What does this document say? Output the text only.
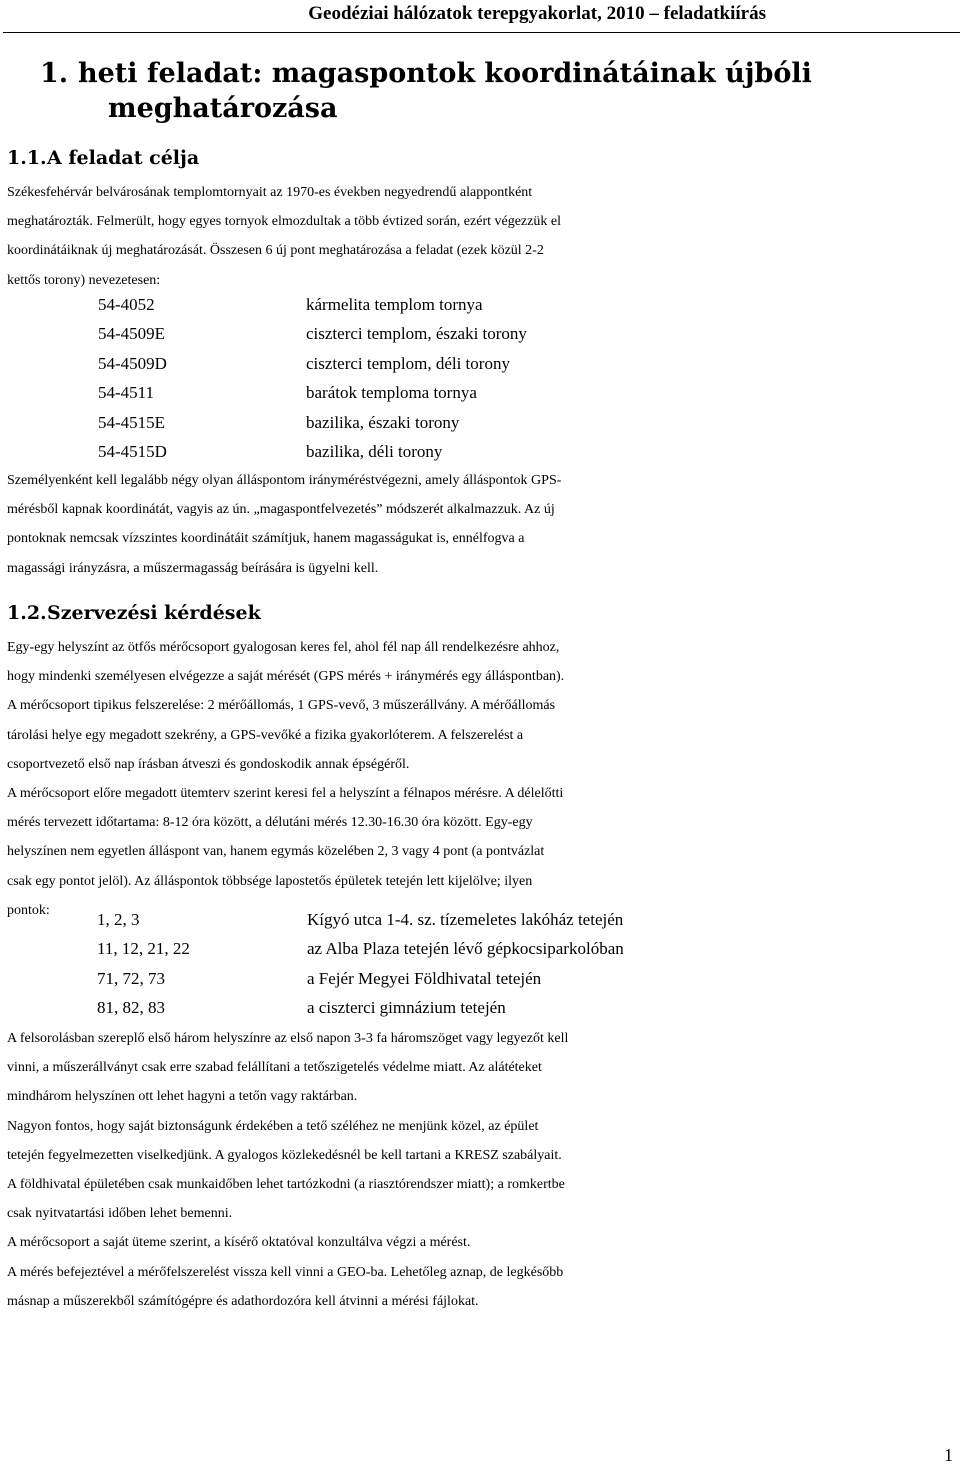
Geodéziai hálózatok terepgyakorlat, 2010 – feladatkiírás
1. heti feladat: magaspontok koordinátáinak újbóli
meghatározása
1.1.A feladat célja
Székesfehérvár belvárosának templomtornyait az 1970-es években negyedrendű alappontként
meghatározták. Felmerült, hogy egyes tornyok elmozdultak a több évtized során, ezért végezzük el
koordinátáiknak új meghatározását. Összesen 6 új pont meghatározása a feladat (ezek közül 2-2
kettős torony) nevezetesen:
54-4052	kármelita templom tornya
54-4509E	ciszterci templom, északi torony
54-4509D	ciszterci templom, déli torony
54-4511	barátok temploma tornya
54-4515E	bazilika, északi torony
54-4515D	bazilika, déli torony
Személyenként kell legalább négy olyan álláspontom irányméréstvégezni, amely álláspontok GPS-
mérésből kapnak koordinátát, vagyis az ún. „magaspontfelvezetés” módszerét alkalmazzuk. Az új
pontoknak nemcsak vízszintes koordinátáit számítjuk, hanem magasságukat is, ennélfogva a
magassági irányzásra, a műszermagasság beírására is ügyelni kell.
1.2.Szervezési kérdések
Egy-egy helyszínt az ötfős mérőcsoport gyalogosan keres fel, ahol fél nap áll rendelkezésre ahhoz,
hogy mindenki személyesen elvégezze a saját mérését (GPS mérés + iránymérés egy álláspontban).
A mérőcsoport tipikus felszerelése: 2 mérőállomás, 1 GPS-vevő, 3 műszerállvány. A mérőállomás
tárolási helye egy megadott szekrény, a GPS-vevőké a fizika gyakorlóterem. A felszerelést a
csoportvezető első nap írásban átveszi és gondoskodik annak épségéről.
A mérőcsoport előre megadott ütemterv szerint keresi fel a helyszínt a félnapos mérésre. A délelőtti
mérés tervezett időtartama: 8-12 óra között, a délutáni mérés 12.30-16.30 óra között. Egy-egy
helyszínen nem egyetlen álláspont van, hanem egymás közelében 2, 3 vagy 4 pont (a pontvázlat
csak egy pontot jelöl). Az álláspontok többsége lapostetős épületek tetején lett kijelölve; ilyen
pontok:	1, 2, 3	Kígyó utca 1-4. sz. tízemeletes lakóház tetején
11, 12, 21, 22	az Alba Plaza tetején lévő gépkocsiparkolóban
71, 72, 73	a Fejér Megyei Földhivatal tetején
81, 82, 83	a ciszterci gimnázium tetején
A felsorolásban szereplő első három helyszínre az első napon 3-3 fa háromszöget vagy legyezőt kell
vinni, a műszerállványt csak erre szabad felállítani a tetőszigetelés védelme miatt. Az alátéteket
mindhárom helyszínen ott lehet hagyni a tetőn vagy raktárban.
Nagyon fontos, hogy saját biztonságunk érdekében a tető széléhez ne menjünk közel, az épület
tetején fegyelmezetten viselkedjünk. A gyalogos közlekedésnél be kell tartani a KRESZ szabályait.
A földhivatal épületében csak munkaidőben lehet tartózkodni (a riasztórendszer miatt); a romkertbe
csak nyitvatartási időben lehet bemenni.
A mérőcsoport a saját üteme szerint, a kísérő oktatóval konzultálva végzi a mérést.
A mérés befejeztével a mérőfelszerelést vissza kell vinni a GEO-ba. Lehetőleg aznap, de legkésőbb
másnap a műszerekből számítógépre és adathordozóra kell átvinni a mérési fájlokat.
1
